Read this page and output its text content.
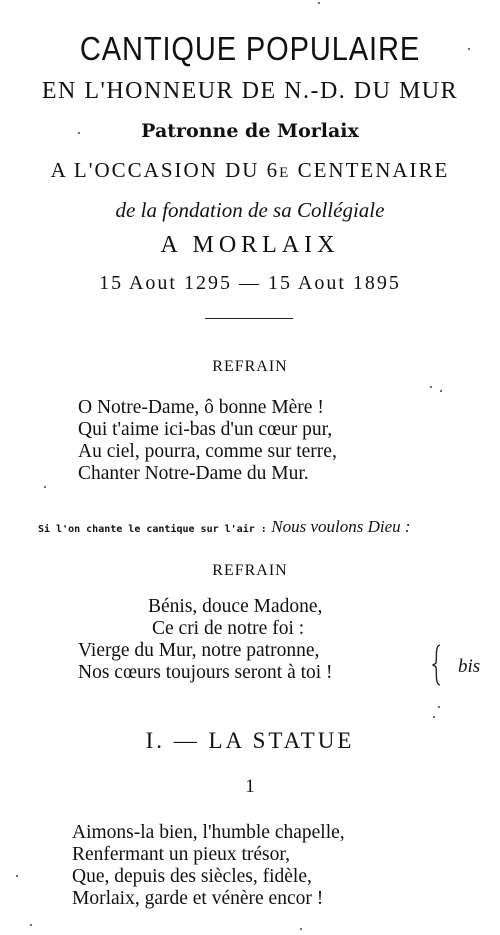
CANTIQUE POPULAIRE
EN L'HONNEUR DE N.-D. DU MUR
Patronne de Morlaix
A L'OCCASION DU 6e CENTENAIRE
de la fondation de sa Collégiale
A MORLAIX
15 Aout 1295 — 15 Aout 1895
REFRAIN
O Notre-Dame, ô bonne Mère !
Qui t'aime ici-bas d'un cœur pur,
Au ciel, pourra, comme sur terre,
Chanter Notre-Dame du Mur.
Si l'on chante le cantique sur l'air : Nous voulons Dieu :
REFRAIN
Bénis, douce Madone,
Ce cri de notre foi :
Vierge du Mur, notre patronne,
Nos cœurs toujours seront à toi !	bis
I. — LA STATUE
1
Aimons-la bien, l'humble chapelle,
Renfermant un pieux trésor,
Que, depuis des siècles, fidèle,
Morlaix, garde et vénère encor !
